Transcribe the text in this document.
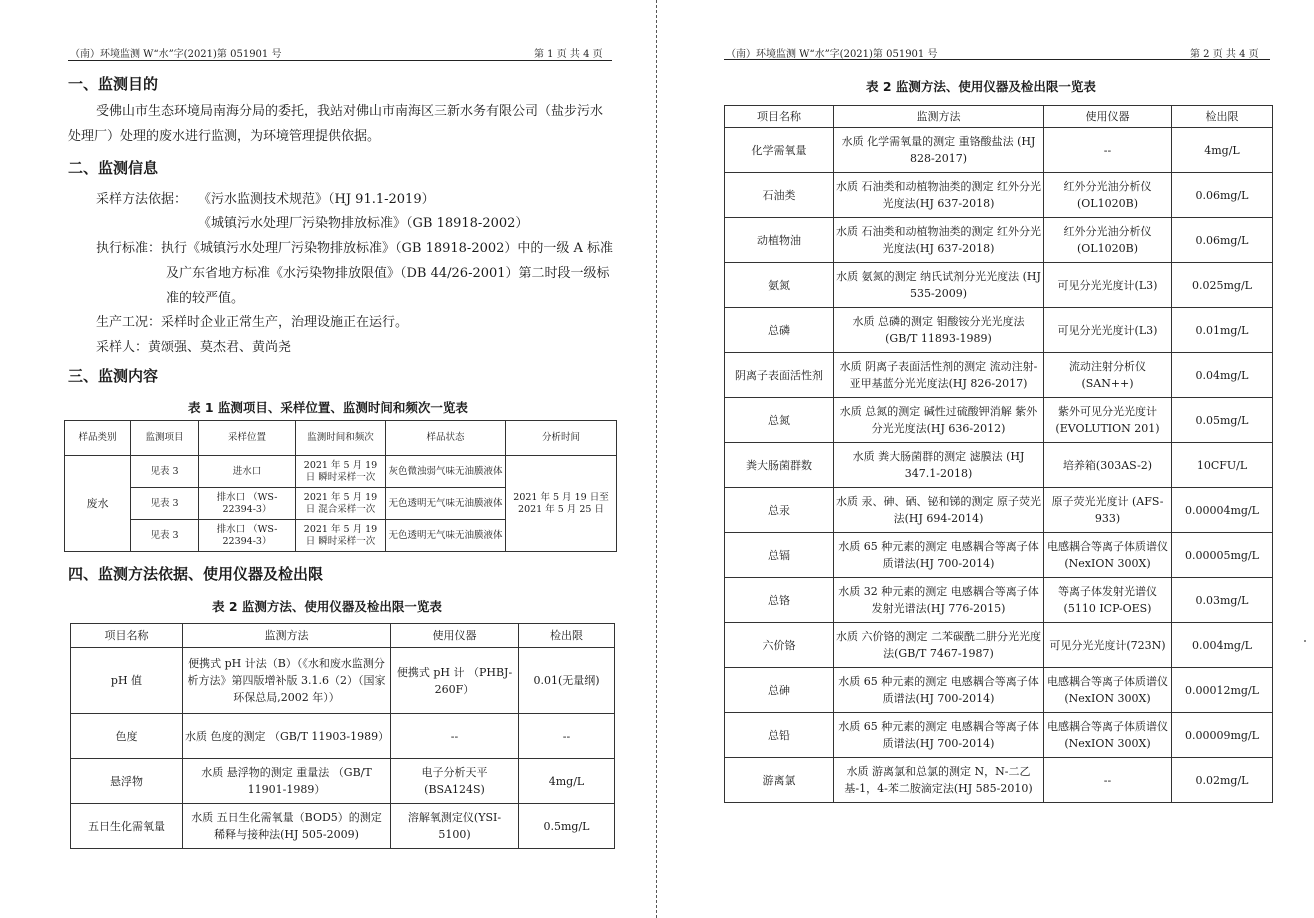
（南）环境监测 W“水”字(2021)第 051901 号	第 1 页 共 4 页
一、监测目的
受佛山市生态环境局南海分局的委托，我站对佛山市南海区三新水务有限公司（盐步污水处理厂）处理的废水进行监测，为环境管理提供依据。
二、监测信息
采样方法依据： 《污水监测技术规范》（HJ 91.1-2019）
《城镇污水处理厂污染物排放标准》（GB 18918-2002）
执行标准：执行《城镇污水处理厂污染物排放标准》（GB 18918-2002）中的一级 A 标准
及广东省地方标准《水污染物排放限值》（DB 44/26-2001）第二时段一级标
准的较严值。
生产工况：采样时企业正常生产，治理设施正在运行。
采样人：黄颂强、莫杰君、黄尚尧
三、监测内容
表 1 监测项目、采样位置、监测时间和频次一览表
样品类别	监测项目	采样位置	监测时间和频次	样品状态	分析时间
废水	见表 3	进水口	2021 年 5 月 19 日 瞬时采样一次	灰色微浊弱气味无油膜液体	2021 年 5 月 19 日至 2021 年 5 月 25 日
	见表 3	排水口 （WS-22394-3）	2021 年 5 月 19 日 混合采样一次	无色透明无气味无油膜液体	
	见表 3	排水口 （WS-22394-3）	2021 年 5 月 19 日 瞬时采样一次	无色透明无气味无油膜液体	
四、监测方法依据、使用仪器及检出限
表 2 监测方法、使用仪器及检出限一览表
项目名称	监测方法	使用仪器	检出限
pH 值	便携式 pH 计法（B）（《水和废水监测分析方法》第四版增补版 3.1.6（2）（国家环保总局,2002 年））	便携式 pH 计 （PHBJ-260F）	0.01(无量纲)
色度	水质 色度的测定 （GB/T 11903-1989）	--	--
悬浮物	水质 悬浮物的测定 重量法 （GB/T 11901-1989）	电子分析天平(BSA124S)	4mg/L
五日生化需氧量	水质 五日生化需氧量（BOD5）的测定 稀释与接种法(HJ 505-2009)	溶解氧测定仪(YSI-5100)	0.5mg/L
（南）环境监测 W“水”字(2021)第 051901 号	第 2 页 共 4 页
表 2 监测方法、使用仪器及检出限一览表
项目名称	监测方法	使用仪器	检出限
化学需氧量	水质 化学需氧量的测定 重铬酸盐法 (HJ 828-2017)	--	4mg/L
石油类	水质 石油类和动植物油类的测定 红外分光光度法(HJ 637-2018)	红外分光油分析仪 (OL1020B)	0.06mg/L
动植物油	水质 石油类和动植物油类的测定 红外分光光度法(HJ 637-2018)	红外分光油分析仪 (OL1020B)	0.06mg/L
氨氮	水质 氨氮的测定 纳氏试剂分光光度法 (HJ 535-2009)	可见分光光度计(L3)	0.025mg/L
总磷	水质 总磷的测定 钼酸铵分光光度法 (GB/T 11893-1989)	可见分光光度计(L3)	0.01mg/L
阴离子表面活性剂	水质 阴离子表面活性剂的测定 流动注射-亚甲基蓝分光光度法(HJ 826-2017)	流动注射分析仪 (SAN++)	0.04mg/L
总氮	水质 总氮的测定 碱性过硫酸钾消解 紫外分光光度法(HJ 636-2012)	紫外可见分光光度计 (EVOLUTION 201)	0.05mg/L
粪大肠菌群数	水质 粪大肠菌群的测定 滤膜法 (HJ 347.1-2018)	培养箱(303AS-2)	10CFU/L
总汞	水质 汞、砷、硒、铋和锑的测定 原子荧光法(HJ 694-2014)	原子荧光光度计 (AFS-933)	0.00004mg/L
总镉	水质 65 种元素的测定 电感耦合等离子体质谱法(HJ 700-2014)	电感耦合等离子体质谱仪(NexION 300X)	0.00005mg/L
总铬	水质 32 种元素的测定 电感耦合等离子体发射光谱法(HJ 776-2015)	等离子体发射光谱仪 (5110 ICP-OES)	0.03mg/L
六价铬	水质 六价铬的测定 二苯碳酰二肼分光光度法(GB/T 7467-1987)	可见分光光度计(723N)	0.004mg/L
总砷	水质 65 种元素的测定 电感耦合等离子体质谱法(HJ 700-2014)	电感耦合等离子体质谱仪(NexION 300X)	0.00012mg/L
总铅	水质 65 种元素的测定 电感耦合等离子体质谱法(HJ 700-2014)	电感耦合等离子体质谱仪(NexION 300X)	0.00009mg/L
游离氯	水质 游离氯和总氯的测定 N，N-二乙基-1，4-苯二胺滴定法(HJ 585-2010)	--	0.02mg/L
